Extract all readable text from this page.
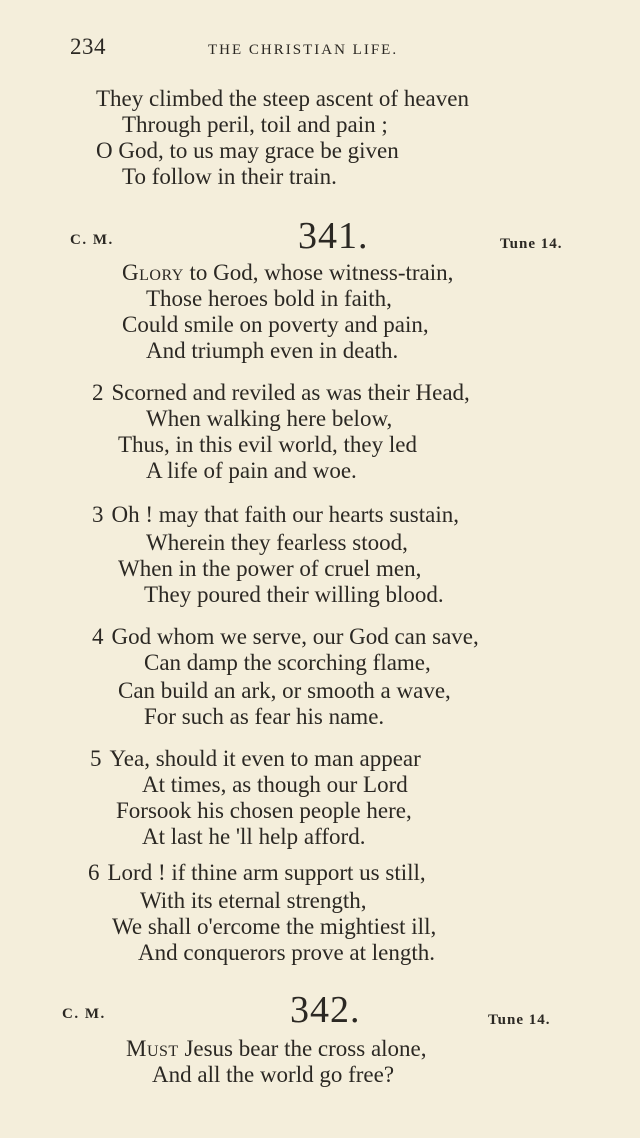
234	THE CHRISTIAN LIFE.
They climbed the steep ascent of heaven
Through peril, toil and pain ;
O God, to us may grace be given
To follow in their train.
C. M.	341.	Tune 14.
Glory to God, whose witness-train,
Those heroes bold in faith,
Could smile on poverty and pain,
And triumph even in death.
2 Scorned and reviled as was their Head,
When walking here below,
Thus, in this evil world, they led
A life of pain and woe.
3 Oh ! may that faith our hearts sustain,
Wherein they fearless stood,
When in the power of cruel men,
They poured their willing blood.
4 God whom we serve, our God can save,
Can damp the scorching flame,
Can build an ark, or smooth a wave,
For such as fear his name.
5 Yea, should it even to man appear
At times, as though our Lord
Forsook his chosen people here,
At last he 'll help afford.
6 Lord ! if thine arm support us still,
With its eternal strength,
We shall o'ercome the mightiest ill,
And conquerors prove at length.
C. M.	342.	Tune 14.
Must Jesus bear the cross alone,
And all the world go free?
